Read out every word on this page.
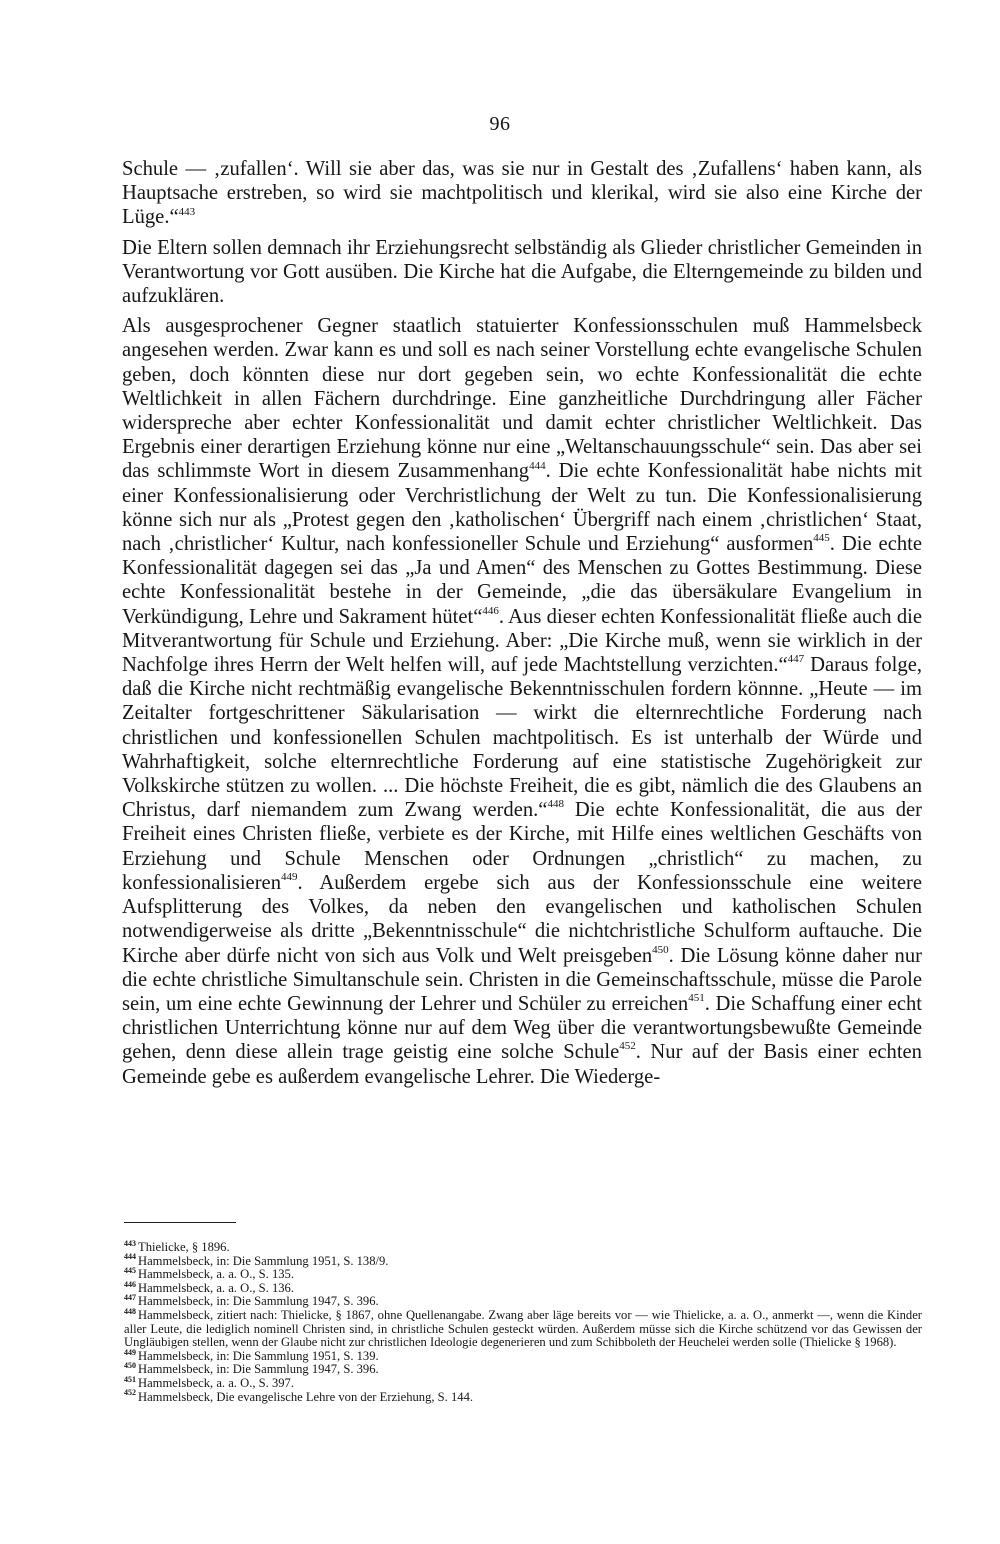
96

Schule — ‚zufallen‘. Will sie aber das, was sie nur in Gestalt des ‚Zufallens‘ haben kann, als Hauptsache erstreben, so wird sie machtpolitisch und klerikal, wird sie also eine Kirche der Lüge.“$^{443}$

Die Eltern sollen demnach ihr Erziehungsrecht selbständig als Glieder christlicher Gemeinden in Verantwortung vor Gott ausüben. Die Kirche hat die Aufgabe, die Elterngemeinde zu bilden und aufzuklären.

Als ausgesprochener Gegner staatlich statuierter Konfessionsschulen muß Hammelsbeck angesehen werden. Zwar kann es und soll es nach seiner Vorstellung echte evangelische Schulen geben, doch könnten diese nur dort gegeben sein, wo echte Konfessionalität die echte Weltlichkeit in allen Fächern durchdringe. Eine ganzheitliche Durchdringung aller Fächer widerspreche aber echter Konfessionalität und damit echter christlicher Weltlichkeit. Das Ergebnis einer derartigen Erziehung könne nur eine „Weltanschauungsschule“ sein. Das aber sei das schlimmste Wort in diesem Zusammenhang$^{444}$. Die echte Konfessionalität habe nichts mit einer Konfessionalisierung oder Verchristlichung der Welt zu tun. Die Konfessionalisierung könne sich nur als „Protest gegen den ‚katholischen‘ Übergriff nach einem ‚christlichen‘ Staat, nach ‚christlicher‘ Kultur, nach konfessioneller Schule und Erziehung“ ausformen$^{445}$. Die echte Konfessionalität dagegen sei das „Ja und Amen“ des Menschen zu Gottes Bestimmung. Diese echte Konfessionalität bestehe in der Gemeinde, „die das übersäkulare Evangelium in Verkündigung, Lehre und Sakrament hütet“$^{446}$. Aus dieser echten Konfessionalität fließe auch die Mitverantwortung für Schule und Erziehung. Aber: „Die Kirche muß, wenn sie wirklich in der Nachfolge ihres Herrn der Welt helfen will, auf jede Machtstellung verzichten.“$^{447}$ Daraus folge, daß die Kirche nicht rechtmäßig evangelische Bekenntnisschulen fordern könnne. „Heute — im Zeitalter fortgeschrittener Säkularisation — wirkt die elternrechtliche Forderung nach christlichen und konfessionellen Schulen machtpolitisch. Es ist unterhalb der Würde und Wahrhaftigkeit, solche elternrechtliche Forderung auf eine statistische Zugehörigkeit zur Volkskirche stützen zu wollen. ... Die höchste Freiheit, die es gibt, nämlich die des Glaubens an Christus, darf niemandem zum Zwang werden.“$^{448}$ Die echte Konfessionalität, die aus der Freiheit eines Christen fließe, verbiete es der Kirche, mit Hilfe eines weltlichen Geschäfts von Erziehung und Schule Menschen oder Ordnungen „christlich“ zu machen, zu konfessionalisieren$^{449}$. Außerdem ergebe sich aus der Konfessionsschule eine weitere Aufsplitterung des Volkes, da neben den evangelischen und katholischen Schulen notwendigerweise als dritte „Bekenntnisschule“ die nichtchristliche Schulform auftauche. Die Kirche aber dürfe nicht von sich aus Volk und Welt preisgeben$^{450}$. Die Lösung könne daher nur die echte christliche Simultanschule sein. Christen in die Gemeinschaftsschule, müsse die Parole sein, um eine echte Gewinnung der Lehrer und Schüler zu erreichen$^{451}$. Die Schaffung einer echt christlichen Unterrichtung könne nur auf dem Weg über die verantwortungsbewußte Gemeinde gehen, denn diese allein trage geistig eine solche Schule$^{452}$. Nur auf der Basis einer echten Gemeinde gebe es außerdem evangelische Lehrer. Die Wiederge-

$^{443}$ Thielicke, § 1896.

$^{444}$ Hammelsbeck, in: Die Sammlung 1951, S. 138/9.

$^{445}$ Hammelsbeck, a. a. O., S. 135.

$^{446}$ Hammelsbeck, a. a. O., S. 136.

$^{447}$ Hammelsbeck, in: Die Sammlung 1947, S. 396.

$^{448}$ Hammelsbeck, zitiert nach: Thielicke, § 1867, ohne Quellenangabe. Zwang aber läge bereits vor — wie Thielicke, a. a. O., anmerkt —, wenn die Kinder aller Leute, die lediglich nominell Christen sind, in christliche Schulen gesteckt würden. Außerdem müsse sich die Kirche schützend vor das Gewissen der Ungläubigen stellen, wenn der Glaube nicht zur christlichen Ideologie degenerieren und zum Schibboleth der Heuchelei werden solle (Thielicke § 1968).

$^{449}$ Hammelsbeck, in: Die Sammlung 1951, S. 139.

$^{450}$ Hammelsbeck, in: Die Sammlung 1947, S. 396.

$^{451}$ Hammelsbeck, a. a. O., S. 397.

$^{452}$ Hammelsbeck, Die evangelische Lehre von der Erziehung, S. 144.
